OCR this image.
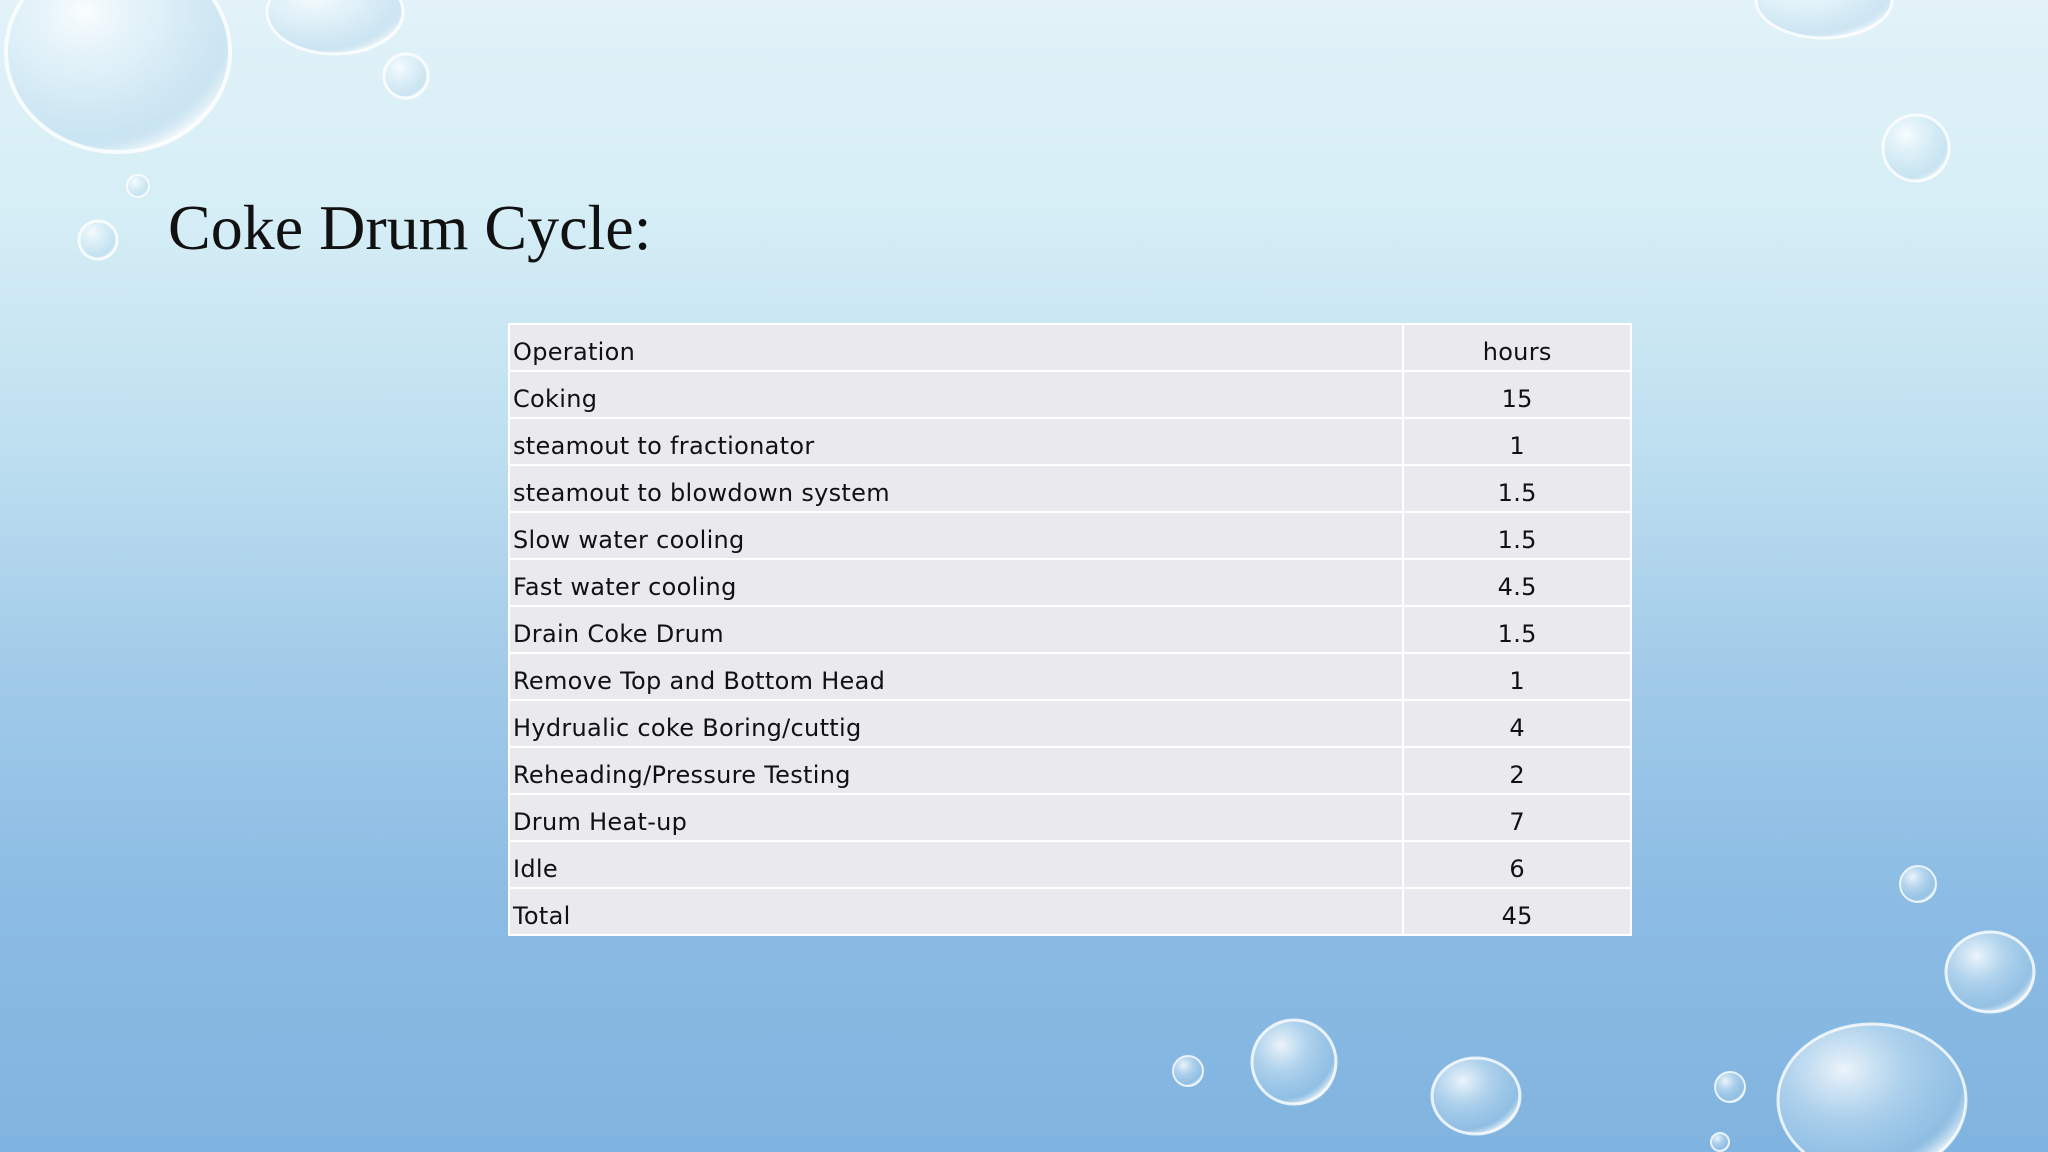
Coke Drum Cycle:
Operation	hours
Coking	15
steamout to fractionator	1
steamout to blowdown system	1.5
Slow water cooling	1.5
Fast water cooling	4.5
Drain Coke Drum	1.5
Remove Top and Bottom Head	1
Hydrualic coke Boring/cuttig	4
Reheading/Pressure Testing	2
Drum Heat-up	7
Idle	6
Total	45
